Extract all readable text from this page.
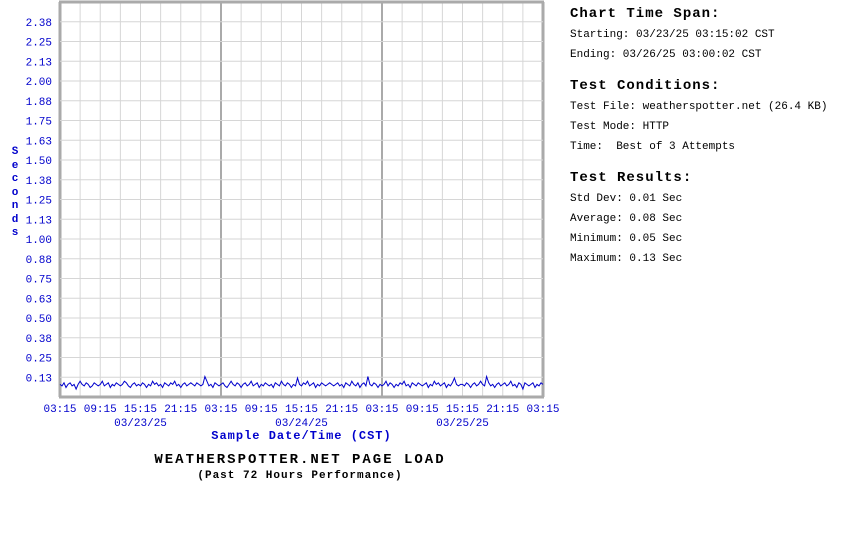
0.13
0.25
0.38
0.50
0.63
0.75
0.88
1.00
1.13
1.25
1.38
1.50
1.63
1.75
1.88
2.00
2.13
2.25
2.38
03:15 09:15 15:15 21:15 03:15 09:15 15:15 21:15 03:15 09:15 15:15 21:15 03:15
03/23/25	03/24/25	03/25/25
S
e
c
o
n
d
s
Sample Date/Time (CST)
WEATHERSPOTTER.NET PAGE LOAD
(Past 72 Hours Performance)
Chart Time Span:
Starting: 03/23/25 03:15:02 CST
Ending: 03/26/25 03:00:02 CST
Test Conditions:
Test File: weatherspotter.net (26.4 KB)
Test Mode: HTTP
Time:  Best of 3 Attempts
Test Results:
Std Dev: 0.01 Sec
Average: 0.08 Sec
Minimum: 0.05 Sec
Maximum: 0.13 Sec
